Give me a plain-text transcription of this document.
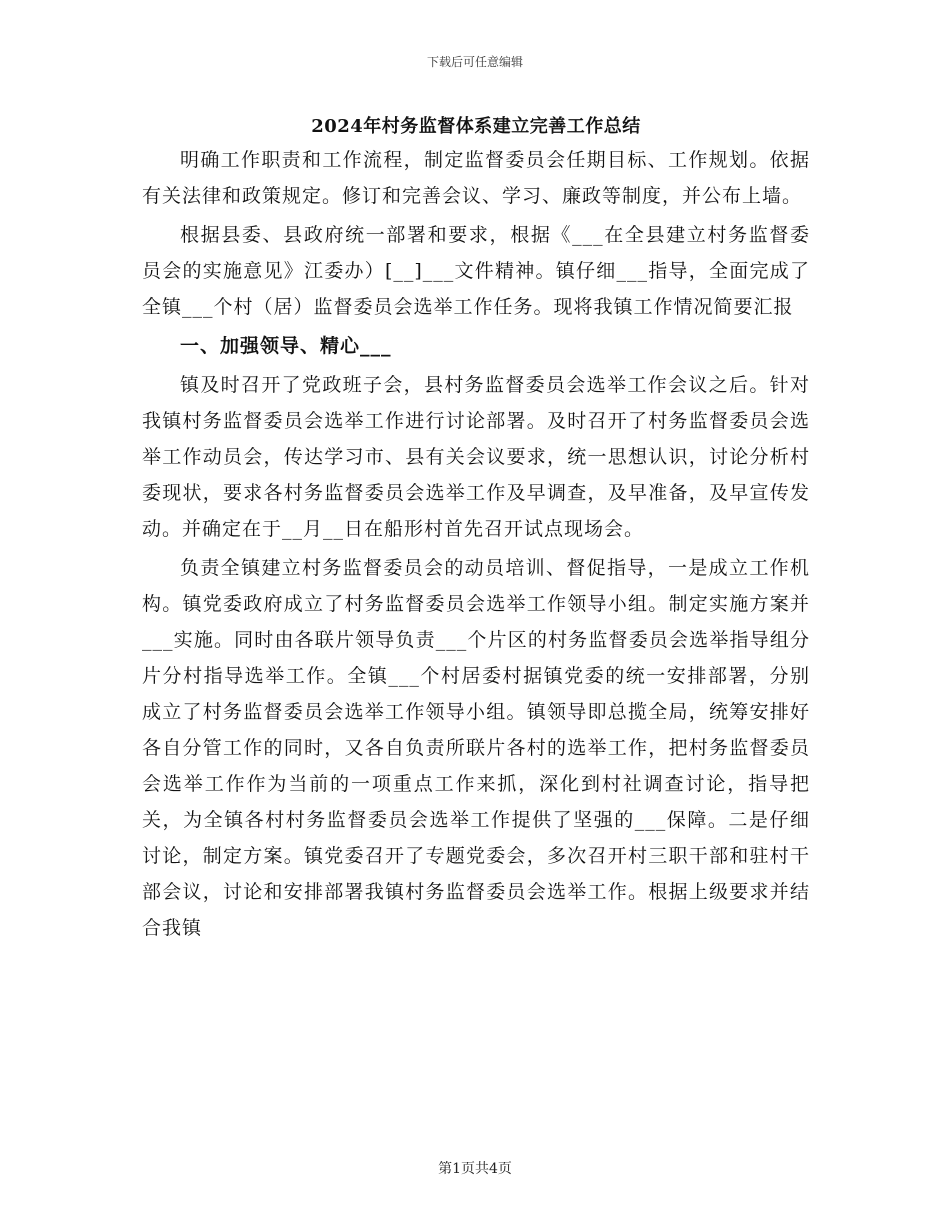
下载后可任意编辑
2024年村务监督体系建立完善工作总结

明确工作职责和工作流程，制定监督委员会任期目标、工作规划。依据有关法律和政策规定。修订和完善会议、学习、廉政等制度，并公布上墙。

根据县委、县政府统一部署和要求，根据《___在全县建立村务监督委员会的实施意见》江委办）[__]___文件精神。镇仔细___指导，全面完成了全镇___个村（居）监督委员会选举工作任务。现将我镇工作情况简要汇报

一、加强领导、精心___

镇及时召开了党政班子会，县村务监督委员会选举工作会议之后。针对我镇村务监督委员会选举工作进行讨论部署。及时召开了村务监督委员会选举工作动员会，传达学习市、县有关会议要求，统一思想认识，讨论分析村委现状，要求各村务监督委员会选举工作及早调查，及早准备，及早宣传发动。并确定在于__月__日在船形村首先召开试点现场会。

负责全镇建立村务监督委员会的动员培训、督促指导，一是成立工作机构。镇党委政府成立了村务监督委员会选举工作领导小组。制定实施方案并___实施。同时由各联片领导负责___个片区的村务监督委员会选举指导组分片分村指导选举工作。全镇___个村居委村据镇党委的统一安排部署，分别成立了村务监督委员会选举工作领导小组。镇领导即总揽全局，统筹安排好各自分管工作的同时，又各自负责所联片各村的选举工作，把村务监督委员会选举工作作为当前的一项重点工作来抓，深化到村社调查讨论，指导把关，为全镇各村村务监督委员会选举工作提供了坚强的___保障。二是仔细讨论，制定方案。镇党委召开了专题党委会，多次召开村三职干部和驻村干部会议，讨论和安排部署我镇村务监督委员会选举工作。根据上级要求并结合我镇

第1页共4页
